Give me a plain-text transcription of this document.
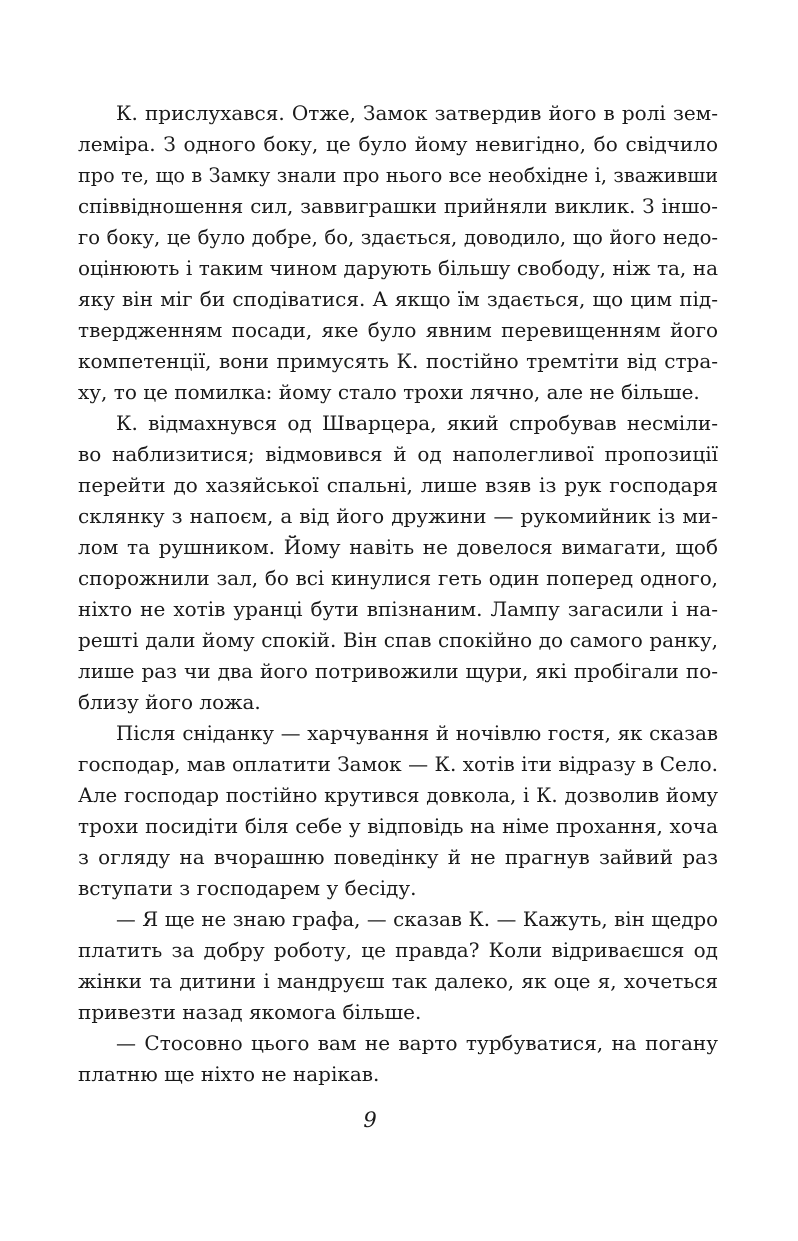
К. прислухався. Отже, Замок затвердив його в ролі зем-
леміра. З одного боку, це було йому невигідно, бо свідчило
про те, що в Замку знали про нього все необхідне і, зваживши
співвідношення сил, заввиграшки прийняли виклик. З іншо-
го боку, це було добре, бо, здається, доводило, що його недо-
оцінюють і таким чином дарують більшу свободу, ніж та, на
яку він міг би сподіватися. А якщо їм здається, що цим під-
твердженням посади, яке було явним перевищенням його
компетенції, вони примусять К. постійно тремтіти від стра-
ху, то це помилка: йому стало трохи лячно, але не більше.
К. відмахнувся од Шварцера, який спробував несміли-
во наблизитися; відмовився й од наполегливої пропозиції
перейти до хазяйської спальні, лише взяв із рук господаря
склянку з напоєм, а від його дружини — рукомийник із ми-
лом та рушником. Йому навіть не довелося вимагати, щоб
спорожнили зал, бо всі кинулися геть один поперед одного,
ніхто не хотів уранці бути впізнаним. Лампу загасили і на-
решті дали йому спокій. Він спав спокійно до самого ранку,
лише раз чи два його потривожили щури, які пробігали по-
близу його ложа.
Після сніданку — харчування й ночівлю гостя, як сказав
господар, мав оплатити Замок — К. хотів іти відразу в Село.
Але господар постійно крутився довкола, і К. дозволив йому
трохи посидіти біля себе у відповідь на німе прохання, хоча
з огляду на вчорашню поведінку й не прагнув зайвий раз
вступати з господарем у бесіду.
— Я ще не знаю графа, — сказав К. — Кажуть, він щедро
платить за добру роботу, це правда? Коли відриваєшся од
жінки та дитини і мандруєш так далеко, як оце я, хочеться
привезти назад якомога більше.
— Стосовно цього вам не варто турбуватися, на погану
платню ще ніхто не нарікав.
9
